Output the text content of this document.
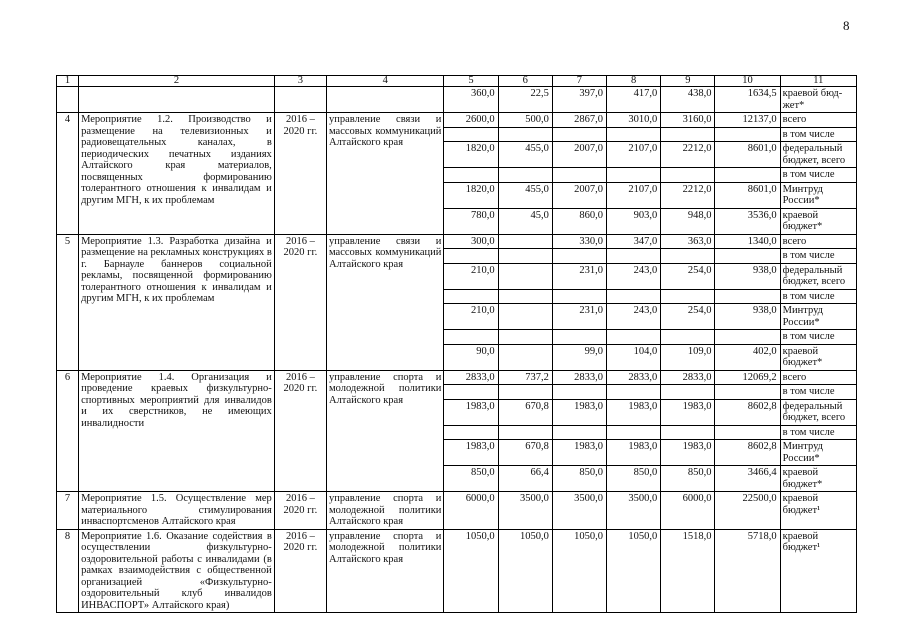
8
1	2	3	4	5	6	7	8	9	10	11
				360,0	22,5	397,0	417,0	438,0	1634,5	краевой бюд-жет*
4	Мероприятие 1.2. Производство и размещение на телевизионных и радиовещательных каналах, в периодических печатных изданиях Алтайского края материалов, посвященных формированию толерантного отношения к инвалидам и другим МГН, к их проблемам	2016 – 2020 гг.	управление связи и массовых коммуникаций Алтайского края	2600,0	500,0	2867,0	3010,0	3160,0	12137,0	всего
										в том числе
				1820,0	455,0	2007,0	2107,0	2212,0	8601,0	федеральный бюджет, всего
										в том числе
				1820,0	455,0	2007,0	2107,0	2212,0	8601,0	Минтруд России*
				780,0	45,0	860,0	903,0	948,0	3536,0	краевой бюджет*
5	Мероприятие 1.3. Разработка дизайна и размещение на рекламных конструкциях в г. Барнауле баннеров социальной рекламы, посвященной формированию толерантного отношения к инвалидам и другим МГН, к их проблемам	2016 – 2020 гг.	управление связи и массовых коммуникаций Алтайского края	300,0		330,0	347,0	363,0	1340,0	всего
										в том числе
				210,0		231,0	243,0	254,0	938,0	федеральный бюджет, всего
										в том числе
				210,0		231,0	243,0	254,0	938,0	Минтруд России*
										в том числе
				90,0		99,0	104,0	109,0	402,0	краевой бюджет*
6	Мероприятие 1.4. Организация и проведение краевых физкультурно-спортивных мероприятий для инвалидов и их сверстников, не имеющих инвалидности	2016 – 2020 гг.	управление спорта и молодежной политики Алтайского края	2833,0	737,2	2833,0	2833,0	2833,0	12069,2	всего
										в том числе
				1983,0	670,8	1983,0	1983,0	1983,0	8602,8	федеральный бюджет, всего
										в том числе
				1983,0	670,8	1983,0	1983,0	1983,0	8602,8	Минтруд России*
				850,0	66,4	850,0	850,0	850,0	3466,4	краевой бюджет*
7	Мероприятие 1.5. Осуществление мер материального стимулирования инваспортсменов Алтайского края	2016 – 2020 гг.	управление спорта и молодежной политики Алтайского края	6000,0	3500,0	3500,0	3500,0	6000,0	22500,0	краевой бюджет¹
8	Мероприятие 1.6. Оказание содействия в осуществлении физкультурно-оздоровительной работы с инвалидами (в рамках взаимодействия с общественной организацией «Физкультурно-оздоровительный клуб инвалидов ИНВАСПОРТ» Алтайского края)	2016 – 2020 гг.	управление спорта и молодежной политики Алтайского края	1050,0	1050,0	1050,0	1050,0	1518,0	5718,0	краевой бюджет¹
